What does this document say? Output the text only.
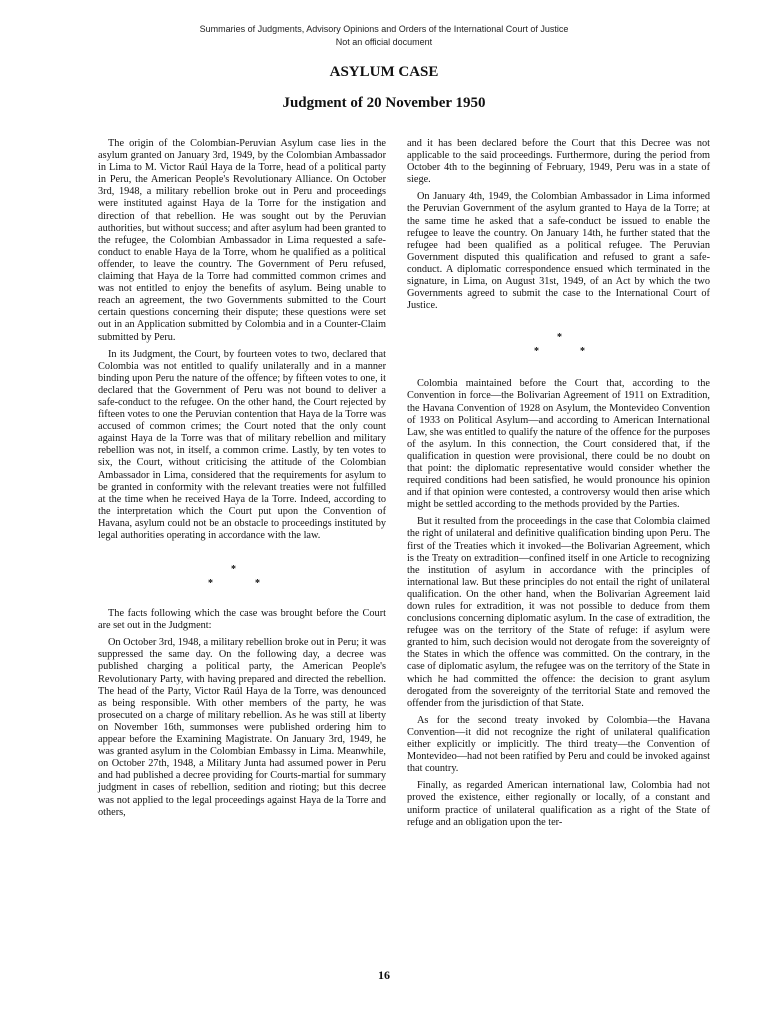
Summaries of Judgments, Advisory Opinions and Orders of the International Court of Justice
Not an official document
ASYLUM CASE
Judgment of 20 November 1950

The origin of the Colombian-Peruvian Asylum case lies in the asylum granted on January 3rd, 1949, by the Colombian Ambassador in Lima to M. Victor Raúl Haya de la Torre, head of a political party in Peru, the American People's Revolutionary Alliance. On October 3rd, 1948, a military rebellion broke out in Peru and proceedings were instituted against Haya de la Torre for the instigation and direction of that rebellion. He was sought out by the Peruvian authorities, but without success; and after asylum had been granted to the refugee, the Colombian Ambassador in Lima requested a safe-conduct to enable Haya de la Torre, whom he qualified as a political offender, to leave the country. The Government of Peru refused, claiming that Haya de la Torre had committed common crimes and was not entitled to enjoy the benefits of asylum. Being unable to reach an agreement, the two Governments submitted to the Court certain questions concerning their dispute; these questions were set out in an Application submitted by Colombia and in a Counter-Claim submitted by Peru.

In its Judgment, the Court, by fourteen votes to two, declared that Colombia was not entitled to qualify unilaterally and in a manner binding upon Peru the nature of the offence; by fifteen votes to one, it declared that the Government of Peru was not bound to deliver a safe-conduct to the refugee. On the other hand, the Court rejected by fifteen votes to one the Peruvian contention that Haya de la Torre was accused of common crimes; the Court noted that the only count against Haya de la Torre was that of military rebellion and military rebellion was not, in itself, a common crime. Lastly, by ten votes to six, the Court, without criticising the attitude of the Colombian Ambassador in Lima, considered that the requirements for asylum to be granted in conformity with the relevant treaties were not fulfilled at the time when he received Haya de la Torre. Indeed, according to the interpretation which the Court put upon the Convention of Havana, asylum could not be an obstacle to proceedings instituted by legal authorities operating in accordance with the law.

*
*	*

The facts following which the case was brought before the Court are set out in the Judgment:

On October 3rd, 1948, a military rebellion broke out in Peru; it was suppressed the same day. On the following day, a decree was published charging a political party, the American People's Revolutionary Party, with having prepared and directed the rebellion. The head of the Party, Victor Raúl Haya de la Torre, was denounced as being responsible. With other members of the party, he was prosecuted on a charge of military rebellion. As he was still at liberty on November 16th, summonses were published ordering him to appear before the Examining Magistrate. On January 3rd, 1949, he was granted asylum in the Colombian Embassy in Lima. Meanwhile, on October 27th, 1948, a Military Junta had assumed power in Peru and had published a decree providing for Courts-martial for summary judgment in cases of rebellion, sedition and rioting; but this decree was not applied to the legal proceedings against Haya de la Torre and others,

and it has been declared before the Court that this Decree was not applicable to the said proceedings. Furthermore, during the period from October 4th to the beginning of February, 1949, Peru was in a state of siege.

On January 4th, 1949, the Colombian Ambassador in Lima informed the Peruvian Government of the asylum granted to Haya de la Torre; at the same time he asked that a safe-conduct be issued to enable the refugee to leave the country. On January 14th, he further stated that the refugee had been qualified as a political refugee. The Peruvian Government disputed this qualification and refused to grant a safe-conduct. A diplomatic correspondence ensued which terminated in the signature, in Lima, on August 31st, 1949, of an Act by which the two Governments agreed to submit the case to the International Court of Justice.

*
*	*

Colombia maintained before the Court that, according to the Convention in force—the Bolivarian Agreement of 1911 on Extradition, the Havana Convention of 1928 on Asylum, the Montevideo Convention of 1933 on Political Asylum—and according to American International Law, she was entitled to qualify the nature of the offence for the purposes of the asylum. In this connection, the Court considered that, if the qualification in question were provisional, there could be no doubt on that point: the diplomatic representative would consider whether the required conditions had been satisfied, he would pronounce his opinion and if that opinion were contested, a controversy would then arise which might be settled according to the methods provided by the Parties.

But it resulted from the proceedings in the case that Colombia claimed the right of unilateral and definitive qualification binding upon Peru. The first of the Treaties which it invoked—the Bolivarian Agreement, which is the Treaty on extradition—confined itself in one Article to recognizing the institution of asylum in accordance with the principles of international law. But these principles do not entail the right of unilateral qualification. On the other hand, when the Bolivarian Agreement laid down rules for extradition, it was not possible to deduce from them conclusions concerning diplomatic asylum. In the case of extradition, the refugee was on the territory of the State of refuge: if asylum were granted to him, such decision would not derogate from the sovereignty of the States in which the offence was committed. On the contrary, in the case of diplomatic asylum, the refugee was on the territory of the State in which he had committed the offence: the decision to grant asylum derogated from the sovereignty of the territorial State and removed the offender from the jurisdiction of that State.

As for the second treaty invoked by Colombia—the Havana Convention—it did not recognize the right of unilateral qualification either explicitly or implicitly. The third treaty—the Convention of Montevideo—had not been ratified by Peru and could be invoked against that country.

Finally, as regarded American international law, Colombia had not proved the existence, either regionally or locally, of a constant and uniform practice of unilateral qualification as a right of the State of refuge and an obligation upon the ter-

16
